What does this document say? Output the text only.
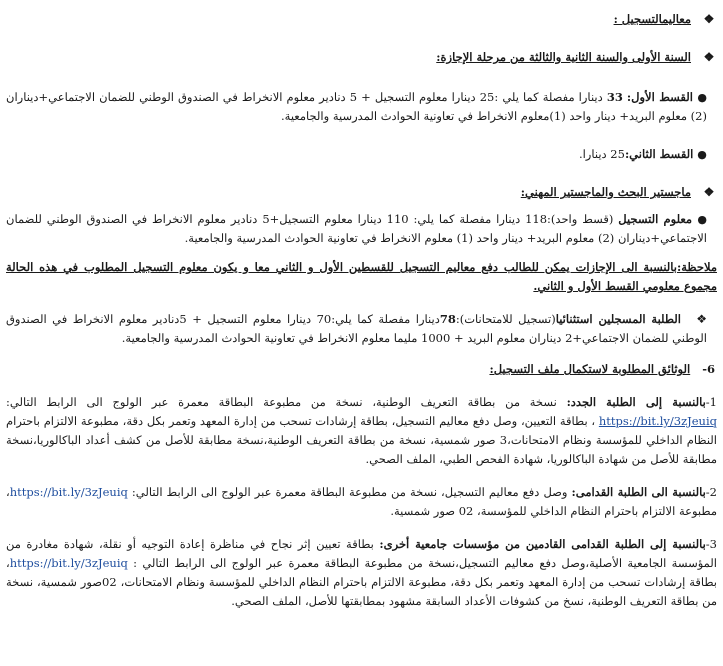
❖معاليمالتسجيل :
❖السنة الأولى والسنة الثانية والثالثة من مرحلة الإجازة:
● القسط الأول: 33 دينارا مفصلة كما يلي :25 دينارا معلوم التسجيل + 5 دنادير معلوم الانخراط في الصندوق الوطني للضمان الاجتماعي+ديناران (2) معلوم البريد+ دينار واحد (1)معلوم الانخراط في تعاونية الحوادث المدرسية والجامعية.
● القسط الثاني:25 دينارا.
❖ماجستير البحث والماجستير المهني:
● معلوم التسجيل (قسط واحد):118 دينارا مفصلة كما يلي: 110 دينارا معلوم التسجيل+5 دنادير معلوم الانخراط في الصندوق الوطني للضمان الاجتماعي+ديناران (2) معلوم البريد+ دينار واحد (1) معلوم الانخراط في تعاونية الحوادث المدرسية والجامعية.
ملاحظة:بالنسبة الى الإجازات يمكن للطالب دفع معاليم التسجيل للقسطين الأول و الثاني معا و يكون معلوم التسجيل المطلوب في هذه الحالة مجموع معلومي القسط الأول و الثاني.
❖الطلبة المسجلين استثنائيا(تسجيل للامتحانات):78دينارا مفصلة كما يلي:70 دينارا معلوم التسجيل + 5دنادير معلوم الانخراط في الصندوق الوطني للضمان الاجتماعي+2 ديناران معلوم البريد + 1000 مليما معلوم الانخراط في تعاونية الحوادث المدرسية والجامعية.
6-   الوثائق المطلوبة لاستكمال ملف التسجيل:
1-بالنسبة إلى الطلبة الجدد: نسخة من بطاقة التعريف الوطنية، نسخة من مطبوعة البطاقة معمرة عبر الولوج الى الرابط التالي: https://bit.ly/3zJeuiq ، بطاقة التعيين، وصل دفع معاليم التسجيل، بطاقة إرشادات تسحب من إدارة المعهد وتعمر بكل دقة، مطبوعة الالتزام باحترام النظام الداخلي للمؤسسة ونظام الامتحانات،3 صور شمسية، نسخة من بطاقة التعريف الوطنية،نسخة مطابقة للأصل من كشف أعداد الباكالوريا،نسخة مطابقة للأصل من شهادة الباكالوريا، شهادة الفحص الطبي، الملف الصحي.
2-بالنسبة الى الطلبة القدامى: وصل دفع معاليم التسجيل، نسخة من مطبوعة البطاقة معمرة عبر الولوج الى الرابط التالي: https://bit.ly/3zJeuiq، مطبوعة الالتزام باحترام النظام الداخلي للمؤسسة، 02 صور شمسية.
3-بالنسبة إلى الطلبة القدامى القادمين من مؤسسات جامعية أخرى: بطاقة تعيين إثر نجاح في مناظرة إعادة التوجيه أو نقلة، شهادة مغادرة من المؤسسة الجامعية الأصلية،وصل دفع معاليم التسجيل،نسخة من مطبوعة البطاقة معمرة عبر الولوج الى الرابط التالي : https://bit.ly/3zJeuiq، بطاقة إرشادات تسحب من إدارة المعهد وتعمر بكل دقة، مطبوعة الالتزام باحترام النظام الداخلي للمؤسسة ونظام الامتحانات، 02صور شمسية، نسخة من بطاقة التعريف الوطنية، نسخ من كشوفات الأعداد السابقة مشهود بمطابقتها للأصل، الملف الصحي.
